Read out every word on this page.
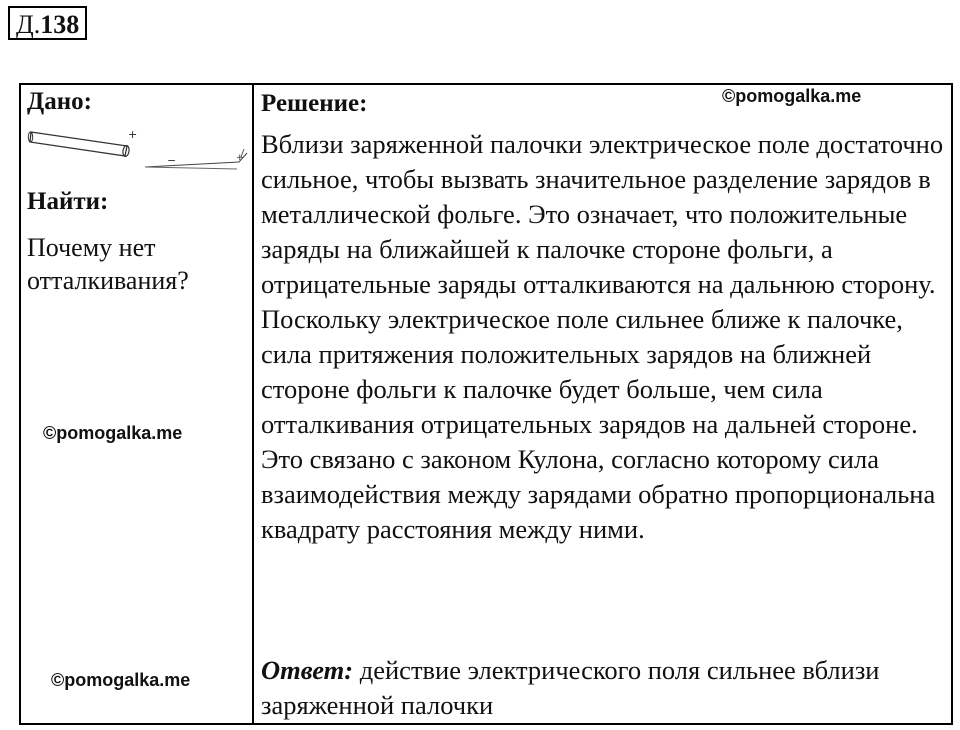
Д.138
Дано:
+
−	+
Найти:
Почему нет отталкивания?
©pomogalka.me
©pomogalka.me
Решение:	©pomogalka.me

Вблизи заряженной палочки электрическое поле достаточно сильное, чтобы вызвать значительное разделение зарядов в металлической фольге. Это означает, что положительные заряды на ближайшей к палочке стороне фольги, а отрицательные заряды отталкиваются на дальнюю сторону. Поскольку электрическое поле сильнее ближе к палочке, сила притяжения положительных зарядов на ближней стороне фольги к палочке будет больше, чем сила отталкивания отрицательных зарядов на дальней стороне. Это связано с законом Кулона, согласно которому сила взаимодействия между зарядами обратно пропорциональна квадрату расстояния между ними.

Ответ: действие электрического поля сильнее вблизи заряженной палочки
